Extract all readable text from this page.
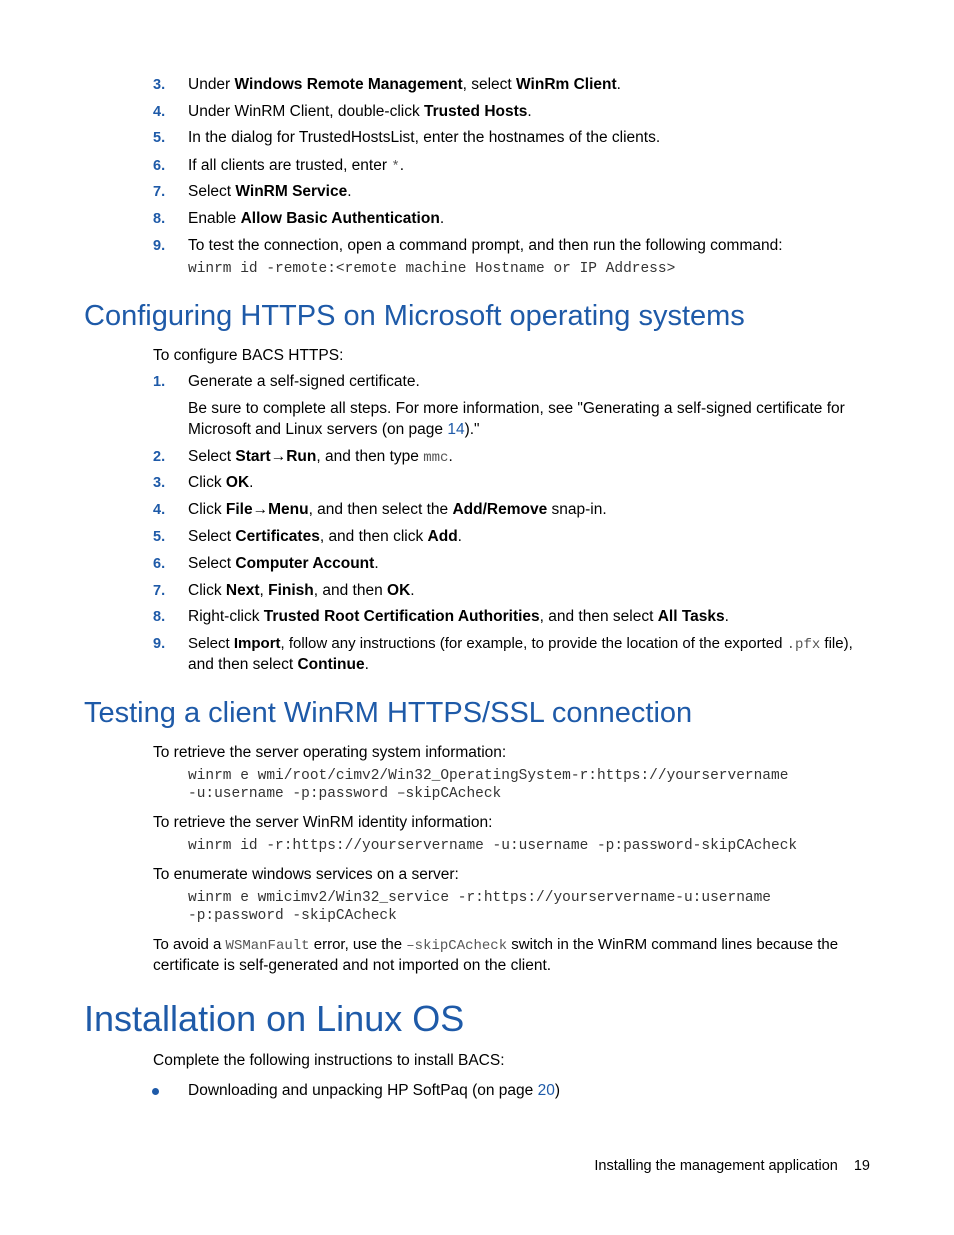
3. Under Windows Remote Management, select WinRm Client.
4. Under WinRM Client, double-click Trusted Hosts.
5. In the dialog for TrustedHostsList, enter the hostnames of the clients.
6. If all clients are trusted, enter *.
7. Select WinRM Service.
8. Enable Allow Basic Authentication.
9. To test the connection, open a command prompt, and then run the following command:
winrm id -remote:<remote machine Hostname or IP Address>
Configuring HTTPS on Microsoft operating systems
To configure BACS HTTPS:
1. Generate a self-signed certificate.
Be sure to complete all steps. For more information, see "Generating a self-signed certificate for
Microsoft and Linux servers (on page 14)."
2. Select Start→Run, and then type mmc.
3. Click OK.
4. Click File→Menu, and then select the Add/Remove snap-in.
5. Select Certificates, and then click Add.
6. Select Computer Account.
7. Click Next, Finish, and then OK.
8. Right-click Trusted Root Certification Authorities, and then select All Tasks.
9. Select Import, follow any instructions (for example, to provide the location of the exported .pfx file),
and then select Continue.
Testing a client WinRM HTTPS/SSL connection
To retrieve the server operating system information:
winrm e wmi/root/cimv2/Win32_OperatingSystem-r:https://yourservername
-u:username -p:password –skipCAcheck
To retrieve the server WinRM identity information:
winrm id -r:https://yourservername -u:username -p:password-skipCAcheck
To enumerate windows services on a server:
winrm e wmicimv2/Win32_service -r:https://yourservername-u:username
-p:password -skipCAcheck
To avoid a WSManFault error, use the –skipCAcheck switch in the WinRM command lines because the
certificate is self-generated and not imported on the client.
Installation on Linux OS
Complete the following instructions to install BACS:
Downloading and unpacking HP SoftPaq (on page 20)
Installing the management application 19
